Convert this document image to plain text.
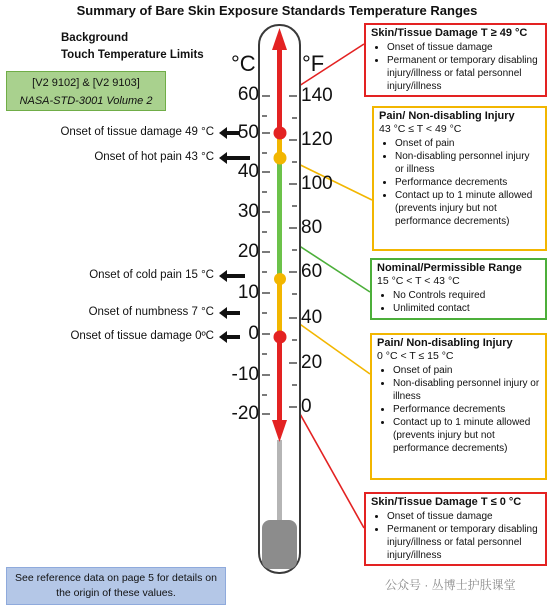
Summary of Bare Skin Exposure Standards Temperature Ranges
Background
Touch Temperature Limits
[V2 9102] & [V2 9103]
NASA-STD-3001 Volume 2
°C °F
60
50
40
30
20
10
0
-10
-20
140
120
100
80
60
40
20
0
Onset of tissue damage 49 °C
Onset of hot pain 43 °C
Onset of cold pain 15 °C
Onset of numbness 7 °C
Onset of tissue damage 0ºC
Skin/Tissue Damage T ≥ 49 °C
• Onset of tissue damage
• Permanent or temporary disabling injury/illness or fatal personnel injury/illness
Pain/ Non-disabling Injury
43 °C ≤ T < 49 °C
• Onset of pain
• Non-disabling personnel injury or illness
• Performance decrements
• Contact up to 1 minute allowed (prevents injury but not performance decrements)
Nominal/Permissible Range
15 °C < T < 43 °C
• No Controls required
• Unlimited contact
Pain/ Non-disabling Injury
0 °C < T ≤ 15 °C
• Onset of pain
• Non-disabling personnel injury or illness
• Performance decrements
• Contact up to 1 minute allowed (prevents injury but not performance decrements)
Skin/Tissue Damage T ≤ 0 °C
• Onset of tissue damage
• Permanent or temporary disabling injury/illness or fatal personnel injury/illness
See reference data on page 5 for details on the origin of these values.
公众号 · 丛博士护肤课堂
